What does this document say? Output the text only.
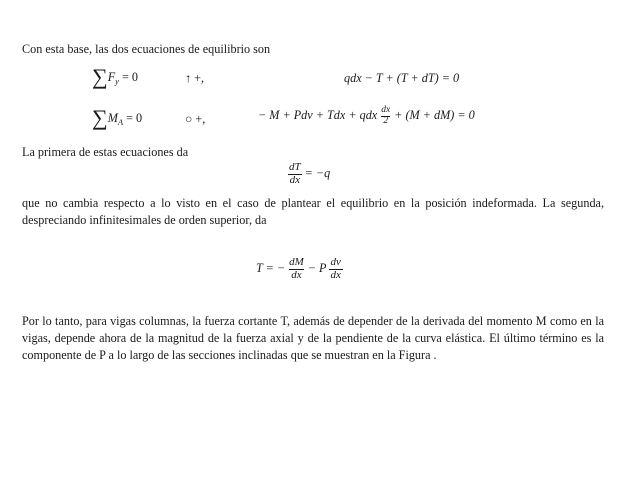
Con esta base, las dos ecuaciones de equilibrio son
$\sum F_y = 0$	↑ +,	qdx − T + (T + dT) = 0
$\sum M_A = 0$	○ +,	− M + Pdv + Tdx + qdx $\frac{dx}{2} + (M + dM) = 0$
La primera de estas ecuaciones da
$\frac{dT}{dx} = -q$
que no cambia respecto a lo visto en el caso de plantear el equilibrio en la posición indeformada. La segunda, despreciando infinitesimales de orden superior, da
T = − $\frac{dM}{dx} - P \frac{dv}{dx}$
Por lo tanto, para vigas columnas, la fuerza cortante T, además de depender de la derivada del momento M como en la vigas, depende ahora de la magnitud de la fuerza axial y de la pendiente de la curva elástica. El último término es la componente de P a lo largo de las secciones inclinadas que se muestran en la Figura .
